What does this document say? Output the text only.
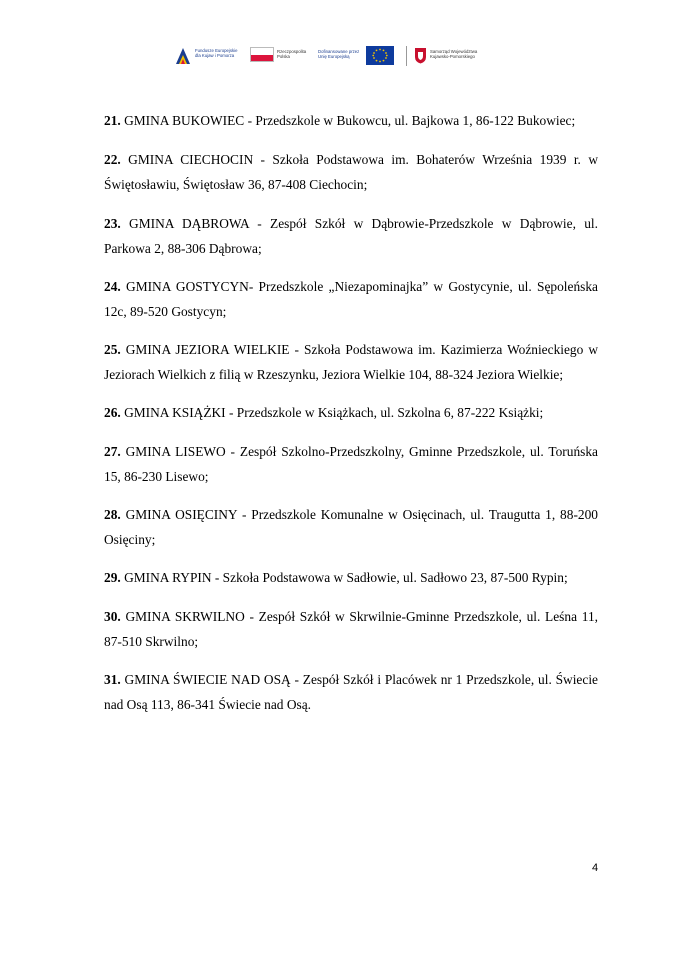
Fundusze Europejskie
dla Kujaw i Pomorza
Rzeczpospolita
Polska
Dofinansowane przez
Unię Europejską
Samorząd Województwa
Kujawsko-Pomorskiego

21. GMINA BUKOWIEC - Przedszkole w Bukowcu, ul. Bajkowa 1, 86-122 Bukowiec;

22. GMINA CIECHOCIN - Szkoła Podstawowa im. Bohaterów Września 1939 r. w Świętosławiu, Świętosław 36, 87-408 Ciechocin;

23. GMINA DĄBROWA - Zespół Szkół w Dąbrowie-Przedszkole w Dąbrowie, ul. Parkowa 2, 88-306 Dąbrowa;

24. GMINA GOSTYCYN- Przedszkole „Niezapominajka” w Gostycynie, ul. Sępoleńska 12c, 89-520 Gostycyn;

25. GMINA JEZIORA WIELKIE - Szkoła Podstawowa im. Kazimierza Woźnieckiego w Jeziorach Wielkich z filią w Rzeszynku, Jeziora Wielkie 104, 88-324 Jeziora Wielkie;

26. GMINA KSIĄŻKI - Przedszkole w Książkach, ul. Szkolna 6, 87-222 Książki;

27. GMINA LISEWO - Zespół Szkolno-Przedszkolny, Gminne Przedszkole, ul. Toruńska 15, 86-230 Lisewo;

28. GMINA OSIĘCINY - Przedszkole Komunalne w Osięcinach, ul. Traugutta 1, 88-200 Osięciny;

29. GMINA RYPIN - Szkoła Podstawowa w Sadłowie, ul. Sadłowo 23, 87-500 Rypin;

30. GMINA SKRWILNO - Zespół Szkół w Skrwilnie-Gminne Przedszkole, ul. Leśna 11, 87-510 Skrwilno;

31. GMINA ŚWIECIE NAD OSĄ - Zespół Szkół i Placówek nr 1 Przedszkole, ul. Świecie nad Osą 113, 86-341 Świecie nad Osą.

4
